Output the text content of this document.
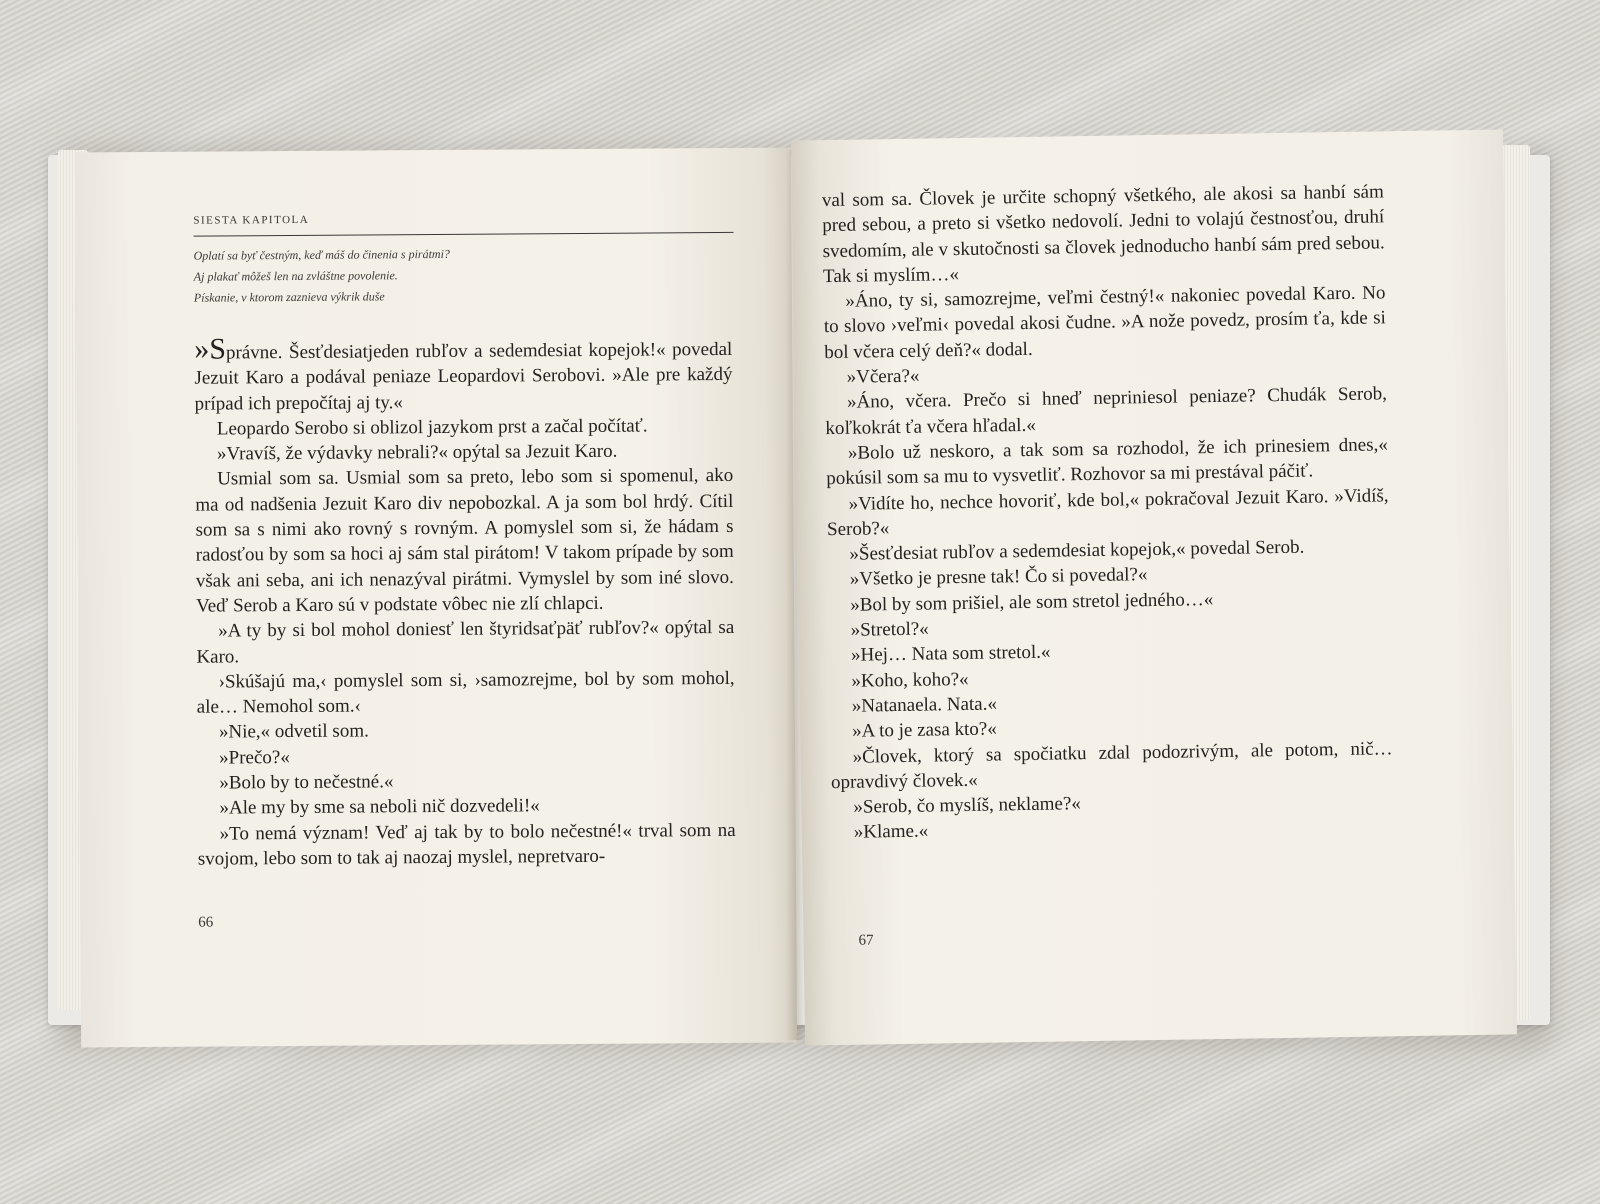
SIESTA KAPITOLA
Oplatí sa byť čestným, keď máš do činenia s pirátmi?
Aj plakať môžeš len na zvláštne povolenie.
Pískanie, v ktorom zaznieva výkrik duše

»Správne. Šesťdesiatjeden rubľov a sedemdesiat kopejok!« povedal Jezuit Karo a podával peniaze Leopardovi Serobovi. »Ale pre každý prípad ich prepočítaj aj ty.«

Leopardo Serobo si oblizol jazykom prst a začal počítať.

»Vravíš, že výdavky nebrali?« opýtal sa Jezuit Karo.

Usmial som sa. Usmial som sa preto, lebo som si spomenul, ako ma od nadšenia Jezuit Karo div nepobozkal. A ja som bol hrdý. Cítil som sa s nimi ako rovný s rovným. A pomyslel som si, že hádam s radosťou by som sa hoci aj sám stal pirátom! V takom prípade by som však ani seba, ani ich nenazýval pirátmi. Vymyslel by som iné slovo. Veď Serob a Karo sú v podstate vôbec nie zlí chlapci.

»A ty by si bol mohol doniesť len štyridsaťpäť rubľov?« opýtal sa Karo.

›Skúšajú ma,‹ pomyslel som si, ›samozrejme, bol by som mohol, ale… Nemohol som.‹

»Nie,« odvetil som.

»Prečo?«

»Bolo by to nečestné.«

»Ale my by sme sa neboli nič dozvedeli!«

»To nemá význam! Veď aj tak by to bolo nečestné!« trval som na svojom, lebo som to tak aj naozaj myslel, nepretvaro-

66

val som sa. Človek je určite schopný všetkého, ale akosi sa hanbí sám pred sebou, a preto si všetko nedovolí. Jedni to volajú čestnosťou, druhí svedomím, ale v skutočnosti sa človek jednoducho hanbí sám pred sebou. Tak si myslím…«

»Áno, ty si, samozrejme, veľmi čestný!« nakoniec povedal Karo. No to slovo ›veľmi‹ povedal akosi čudne. »A nože povedz, prosím ťa, kde si bol včera celý deň?« dodal.

»Včera?«

»Áno, včera. Prečo si hneď nepriniesol peniaze? Chudák Serob, koľkokrát ťa včera hľadal.«

»Bolo už neskoro, a tak som sa rozhodol, že ich prinesiem dnes,« pokúsil som sa mu to vysvetliť. Rozhovor sa mi prestával páčiť.

»Vidíte ho, nechce hovoriť, kde bol,« pokračoval Jezuit Karo. »Vidíš, Serob?«

»Šesťdesiat rubľov a sedemdesiat kopejok,« povedal Serob.

»Všetko je presne tak! Čo si povedal?«

»Bol by som prišiel, ale som stretol jedného…«

»Stretol?«

»Hej… Nata som stretol.«

»Koho, koho?«

»Natanaela. Nata.«

»A to je zasa kto?«

»Človek, ktorý sa spočiatku zdal podozrivým, ale potom, nič… opravdivý človek.«

»Serob, čo myslíš, neklame?«

»Klame.«

67
